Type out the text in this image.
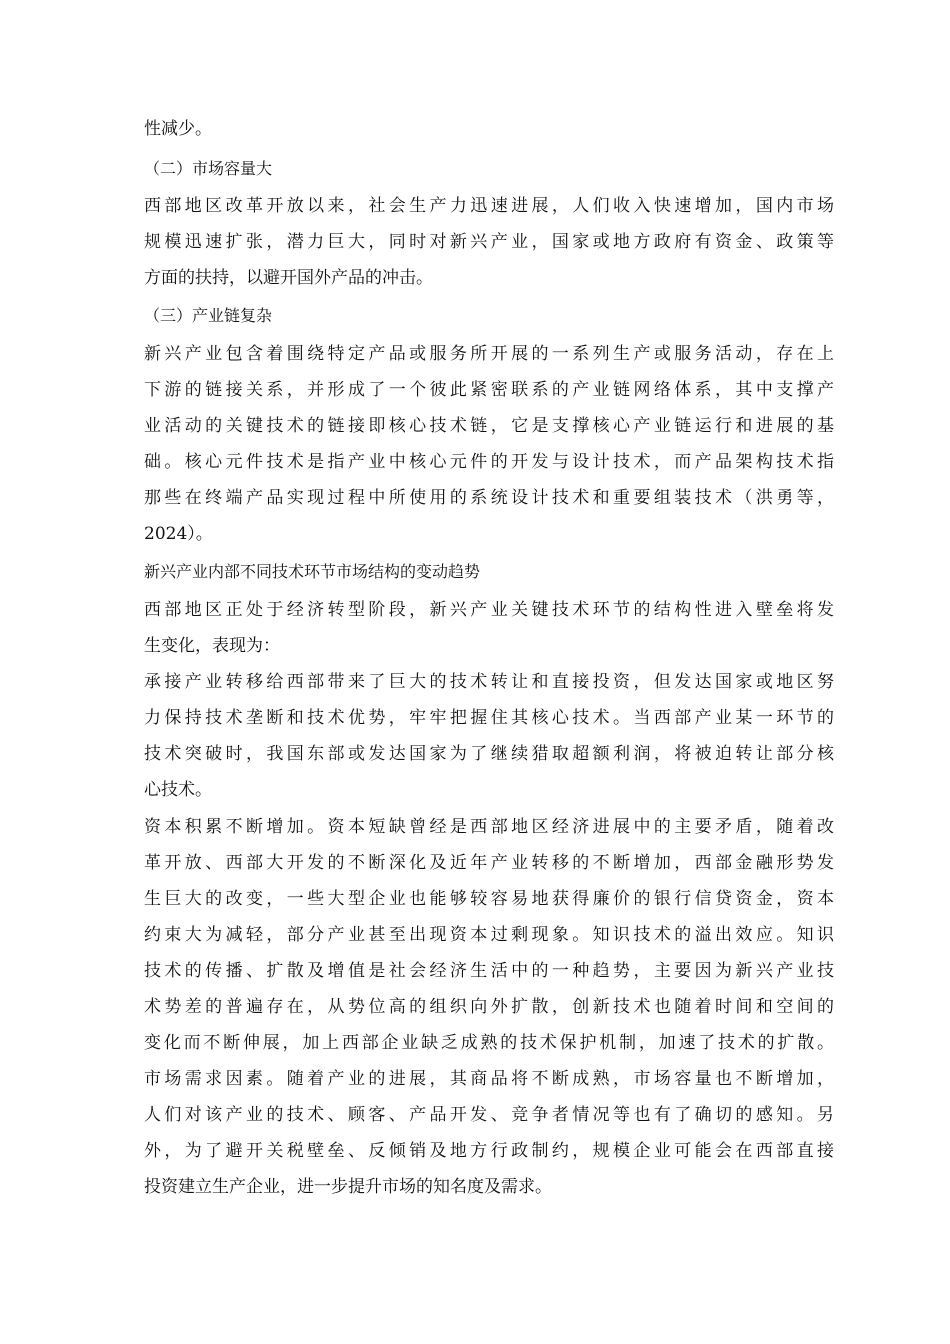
性减少。
（二）市场容量大
西部地区改革开放以来，社会生产力迅速进展，人们收入快速增加，国内市场
规模迅速扩张，潜力巨大，同时对新兴产业，国家或地方政府有资金、政策等
方面的扶持，以避开国外产品的冲击。
（三）产业链复杂
新兴产业包含着围绕特定产品或服务所开展的一系列生产或服务活动，存在上
下游的链接关系，并形成了一个彼此紧密联系的产业链网络体系，其中支撑产
业活动的关键技术的链接即核心技术链，它是支撑核心产业链运行和进展的基
础。核心元件技术是指产业中核心元件的开发与设计技术，而产品架构技术指
那些在终端产品实现过程中所使用的系统设计技术和重要组装技术（洪勇等，
2024）。
新兴产业内部不同技术环节市场结构的变动趋势
西部地区正处于经济转型阶段，新兴产业关键技术环节的结构性进入壁垒将发
生变化，表现为：
承接产业转移给西部带来了巨大的技术转让和直接投资，但发达国家或地区努
力保持技术垄断和技术优势，牢牢把握住其核心技术。当西部产业某一环节的
技术突破时，我国东部或发达国家为了继续猎取超额利润，将被迫转让部分核
心技术。
资本积累不断增加。资本短缺曾经是西部地区经济进展中的主要矛盾，随着改
革开放、西部大开发的不断深化及近年产业转移的不断增加，西部金融形势发
生巨大的改变，一些大型企业也能够较容易地获得廉价的银行信贷资金，资本
约束大为减轻，部分产业甚至出现资本过剩现象。知识技术的溢出效应。知识
技术的传播、扩散及增值是社会经济生活中的一种趋势，主要因为新兴产业技
术势差的普遍存在，从势位高的组织向外扩散，创新技术也随着时间和空间的
变化而不断伸展，加上西部企业缺乏成熟的技术保护机制，加速了技术的扩散。
市场需求因素。随着产业的进展，其商品将不断成熟，市场容量也不断增加，
人们对该产业的技术、顾客、产品开发、竞争者情况等也有了确切的感知。另
外，为了避开关税壁垒、反倾销及地方行政制约，规模企业可能会在西部直接
投资建立生产企业，进一步提升市场的知名度及需求。
